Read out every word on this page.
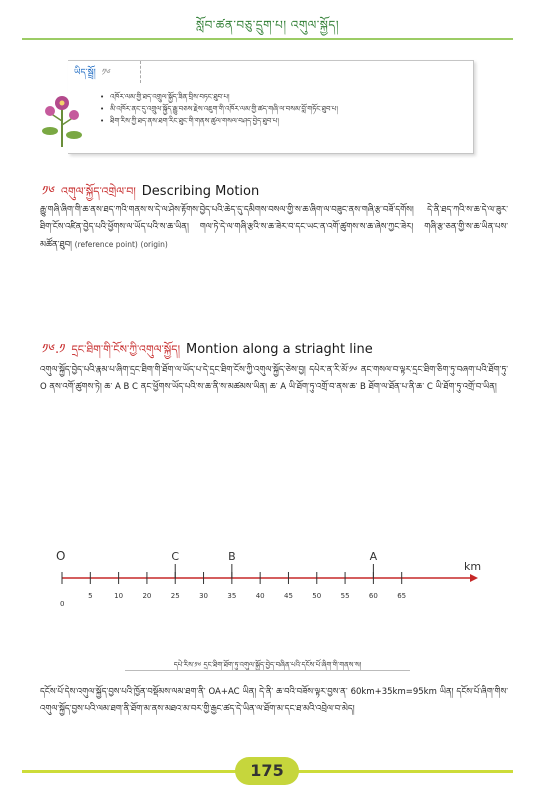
སློབ་ཚན་བཅུ་དྲུག་པ། འགུལ་སྐྱོད།
ཡིད་སྦྲོ། ༡༦
• འཁོར་ལམ་གྱི་ཐད་འགྲུལ་སྐྱོད་ཟིན་བྲིས་བཏང་ཐུབ་པ།
• མི་འཁོར་ནང་དུ་འགྲུལ་སྐྱོད་རྒྱུ་བཅས་རྗེས་འཇུག་གི་འཁོར་ལམ་གྱི་ཚད་གཞི་ལ་བསམ་བློ་གཏོང་ཐུབ་པ།
• ཐིག་རིས་ཀྱི་ཐད་ནས་ཐག་རིང་ཐུང་གི་གནས་ཚུལ་གསལ་བཤད་བྱེད་ཐུབ་པ།
༡༦ འགུལ་སྐྱོད་འགྲེལ་བ། Describing Motion

རྒྱུ་གཞི་ཞིག་གི་ཆ་ནས་ཐད་ཀའི་གནས་ས་དེ་ལ་ཤེས་རྟོགས་བྱེད་པའི་ཆེད་དུ་དམིགས་བསལ་གྱི་ས་ཆ་ཞིག་ལ་བཟུང་ནས་གཞི་རྩ་བཟོ་དགོས། དེ་ནི་ཐད་ཀའི་ས་ཆ་དེ་ལ་ཟུར་ཐིག་ངོས་འཛིན་བྱེད་པའི་ཕྱོགས་ལ་ཡོད་པའི་ས་ཆ་ཡིན། གལ་ཏེ་དེ་ལ་གཞི་རྩའི་ས་ཆ་ཟེར་བ་དང་ཡང་ན་འགོ་ཚུགས་ས་ཆ་ཞེས་ཀྱང་ཟེར། གཞི་རྩ་ཅན་གྱི་ས་ཆ་ཡིན་པས་མཚོན་ཐུབ། (reference point) (origin)

༡༦.༡ དྲང་ཐིག་གི་ངོས་ཀྱི་འགུལ་སྐྱོད། Montion along a striaght line

འགུལ་སྐྱོད་བྱེད་པའི་རྣམ་པ་ཞིག་དྲང་ཐིག་གི་ཐོག་ལ་ཡོད་པ་དེ་དྲང་ཐིག་ངོས་ཀྱི་འགུལ་སྐྱོད་ཅེས་བྱ། དཔེར་ན་རི་མོ་༡༦ ནང་གསལ་བ་ལྟར་དྲང་ཐིག་ཅིག་ཏུ་བཞག་པའི་ཐོག་ཏུ་O ནས་འགོ་ཚུགས་ཏེ། ཆ་ A B C ནང་ཕྱོགས་ཡོད་པའི་ས་ཆ་ནི་ས་མཚམས་ཡིན། ཆ་ A ཡི་ཐོག་ཏུ་འགྲོ་བ་ནས་ཆ་ B ཐོག་ལ་ཐོན་པ་ནི་ཆ་ C ཡི་ཐོག་ཏུ་འགྲོ་བ་ཡིན།

O
0
5	10	20	25	30	35	40	45	50	55	60	65
C	B	A
km
དཔེ་རིས་༡༦ དྲང་ཐིག་ཐོག་ཏུ་འགུལ་སྐྱོད་བྱེད་བཞིན་པའི་དངོས་པོ་ཞིག་གི་གནས་ས།

དངོས་པོ་དེས་འགུལ་སྐྱོད་བྱས་པའི་ཁྱོན་བསྡོམས་ལམ་ཐག་ནི་ OA+AC ཡིན། དེ་ནི་ ཆ་བའི་བཟོས་ལྟར་བྱས་ན་ 60km+35km=95km ཡིན། དངོས་པོ་ཞིག་གིས་འགུལ་སྐྱོད་བྱས་པའི་ལམ་ཐག་ནི་ཐོག་མ་ནས་མཐའ་མ་བར་གྱི་རྒྱང་ཚད་དེ་ཡིན་ལ་ཐོག་མ་དང་ཐ་མའི་འབྲེལ་བ་མེད།

175
